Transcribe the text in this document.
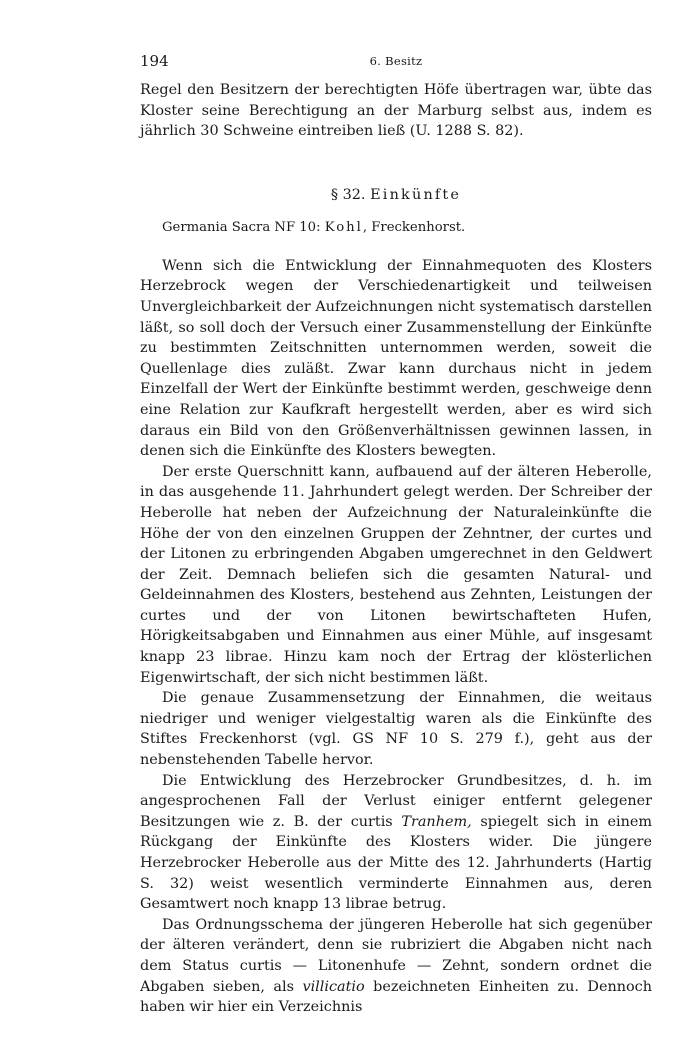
194	6. Besitz

Regel den Besitzern der berechtigten Höfe übertragen war, übte das Kloster seine Berechtigung an der Marburg selbst aus, indem es jährlich 30 Schweine eintreiben ließ (U. 1288 S. 82).

§ 32. Einkünfte
Germania Sacra NF 10: Kohl, Freckenhorst.

Wenn sich die Entwicklung der Einnahmequoten des Klosters Herzebrock wegen der Verschiedenartigkeit und teilweisen Unvergleichbarkeit der Aufzeichnungen nicht systematisch darstellen läßt, so soll doch der Versuch einer Zusammenstellung der Einkünfte zu bestimmten Zeitschnitten unternommen werden, soweit die Quellenlage dies zuläßt. Zwar kann durchaus nicht in jedem Einzelfall der Wert der Einkünfte bestimmt werden, geschweige denn eine Relation zur Kaufkraft hergestellt werden, aber es wird sich daraus ein Bild von den Größenverhältnissen gewinnen lassen, in denen sich die Einkünfte des Klosters bewegten.

Der erste Querschnitt kann, aufbauend auf der älteren Heberolle, in das ausgehende 11. Jahrhundert gelegt werden. Der Schreiber der Heberolle hat neben der Aufzeichnung der Naturaleinkünfte die Höhe der von den einzelnen Gruppen der Zehntner, der curtes und der Litonen zu erbringenden Abgaben umgerechnet in den Geldwert der Zeit. Demnach beliefen sich die gesamten Natural- und Geldeinnahmen des Klosters, bestehend aus Zehnten, Leistungen der curtes und der von Litonen bewirtschafteten Hufen, Hörigkeitsabgaben und Einnahmen aus einer Mühle, auf insgesamt knapp 23 librae. Hinzu kam noch der Ertrag der klösterlichen Eigenwirtschaft, der sich nicht bestimmen läßt.

Die genaue Zusammensetzung der Einnahmen, die weitaus niedriger und weniger vielgestaltig waren als die Einkünfte des Stiftes Freckenhorst (vgl. GS NF 10 S. 279 f.), geht aus der nebenstehenden Tabelle hervor.

Die Entwicklung des Herzebrocker Grundbesitzes, d. h. im angesprochenen Fall der Verlust einiger entfernt gelegener Besitzungen wie z. B. der curtis Tranhem, spiegelt sich in einem Rückgang der Einkünfte des Klosters wider. Die jüngere Herzebrocker Heberolle aus der Mitte des 12. Jahrhunderts (Hartig S. 32) weist wesentlich verminderte Einnahmen aus, deren Gesamtwert noch knapp 13 librae betrug.

Das Ordnungsschema der jüngeren Heberolle hat sich gegenüber der älteren verändert, denn sie rubriziert die Abgaben nicht nach dem Status curtis — Litonenhufe — Zehnt, sondern ordnet die Abgaben sieben, als villicatio bezeichneten Einheiten zu. Dennoch haben wir hier ein Verzeichnis
